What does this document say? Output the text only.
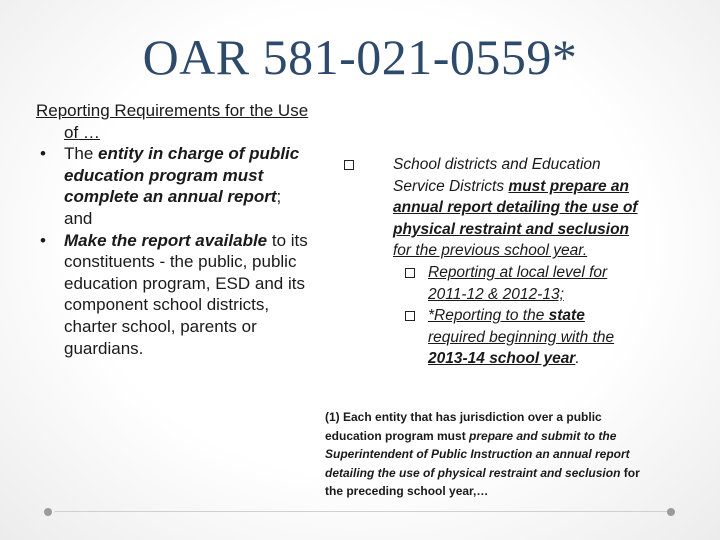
OAR 581-021-0559*

Reporting Requirements for the Use of …

• The entity in charge of public education program must complete an annual report; and
• Make the report available to its constituents - the public, public education program, ESD and its component school districts, charter school, parents or guardians.
School districts and Education Service Districts must prepare an annual report detailing the use of physical restraint and seclusion for the previous school year.
Reporting at local level for 2011-12 & 2012-13;
*Reporting to the state required beginning with the 2013-14 school year.
(1) Each entity that has jurisdiction over a public education program must prepare and submit to the Superintendent of Public Instruction an annual report detailing the use of physical restraint and seclusion for the preceding school year,…
